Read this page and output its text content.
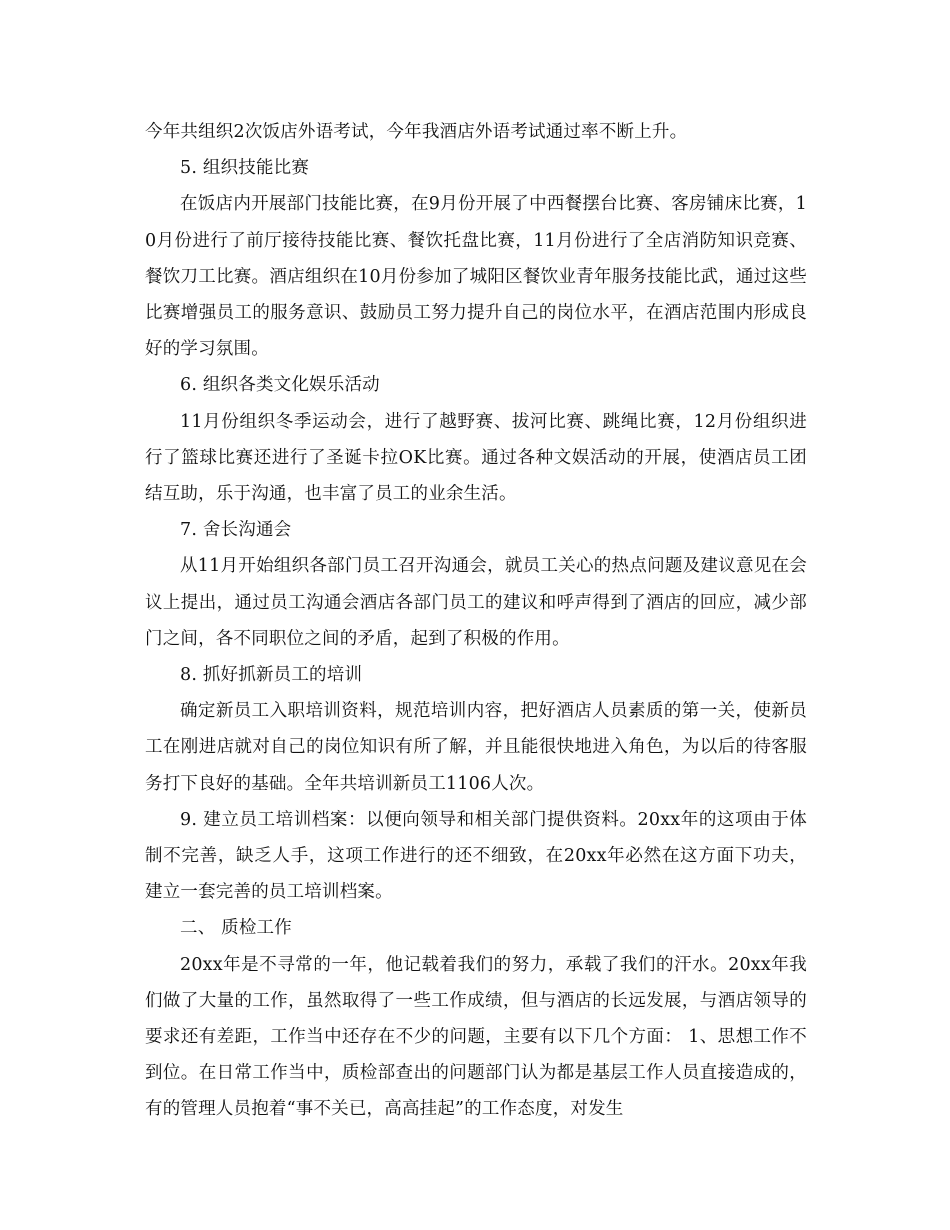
今年共组织2次饭店外语考试，今年我酒店外语考试通过率不断上升。

5. 组织技能比赛

在饭店内开展部门技能比赛，在9月份开展了中西餐摆台比赛、客房铺床比赛，10月份进行了前厅接待技能比赛、餐饮托盘比赛，11月份进行了全店消防知识竞赛、餐饮刀工比赛。酒店组织在10月份参加了城阳区餐饮业青年服务技能比武，通过这些比赛增强员工的服务意识、鼓励员工努力提升自己的岗位水平，在酒店范围内形成良好的学习氛围。

6. 组织各类文化娱乐活动

11月份组织冬季运动会，进行了越野赛、拔河比赛、跳绳比赛，12月份组织进行了篮球比赛还进行了圣诞卡拉OK比赛。通过各种文娱活动的开展，使酒店员工团结互助，乐于沟通，也丰富了员工的业余生活。

7. 舍长沟通会

从11月开始组织各部门员工召开沟通会，就员工关心的热点问题及建议意见在会议上提出，通过员工沟通会酒店各部门员工的建议和呼声得到了酒店的回应，减少部门之间，各不同职位之间的矛盾，起到了积极的作用。

8. 抓好抓新员工的培训

确定新员工入职培训资料，规范培训内容，把好酒店人员素质的第一关，使新员工在刚进店就对自己的岗位知识有所了解，并且能很快地进入角色，为以后的待客服务打下良好的基础。全年共培训新员工1106人次。

9. 建立员工培训档案：以便向领导和相关部门提供资料。20xx年的这项由于体制不完善，缺乏人手，这项工作进行的还不细致，在20xx年必然在这方面下功夫，建立一套完善的员工培训档案。

二、 质检工作

20xx年是不寻常的一年，他记载着我们的努力，承载了我们的汗水。20xx年我们做了大量的工作，虽然取得了一些工作成绩，但与酒店的长远发展，与酒店领导的要求还有差距，工作当中还存在不少的问题，主要有以下几个方面： 1、思想工作不到位。在日常工作当中，质检部查出的问题部门认为都是基层工作人员直接造成的，有的管理人员抱着“事不关已，高高挂起”的工作态度，对发生
